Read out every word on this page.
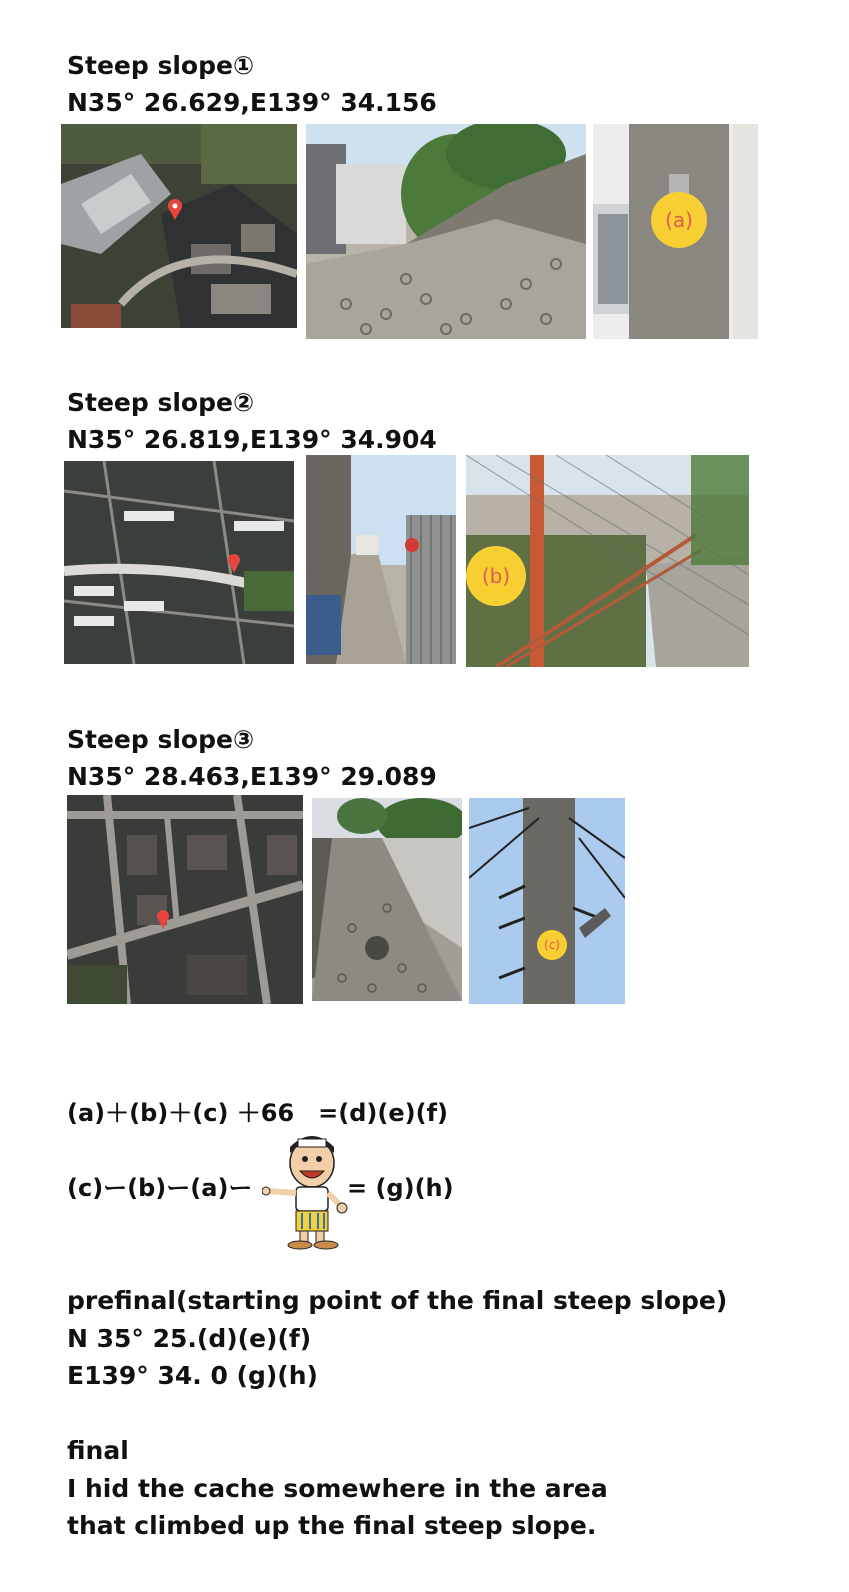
Steep slope①
N35° 26.629,E139° 34.156
(a)
Steep slope②
N35° 26.819,E139° 34.904
(b)
Steep slope③
N35° 28.463,E139° 29.089
(c)
(a)＋(b)＋(c) ＋66　=(d)(e)(f)
(c)ー(b)ー(a)ー	= (g)(h)
prefinal(starting point of the final steep slope)
N 35° 25.(d)(e)(f)
E139° 34. 0 (g)(h)
final
I hid the cache somewhere in the area
that climbed up the final steep slope.
